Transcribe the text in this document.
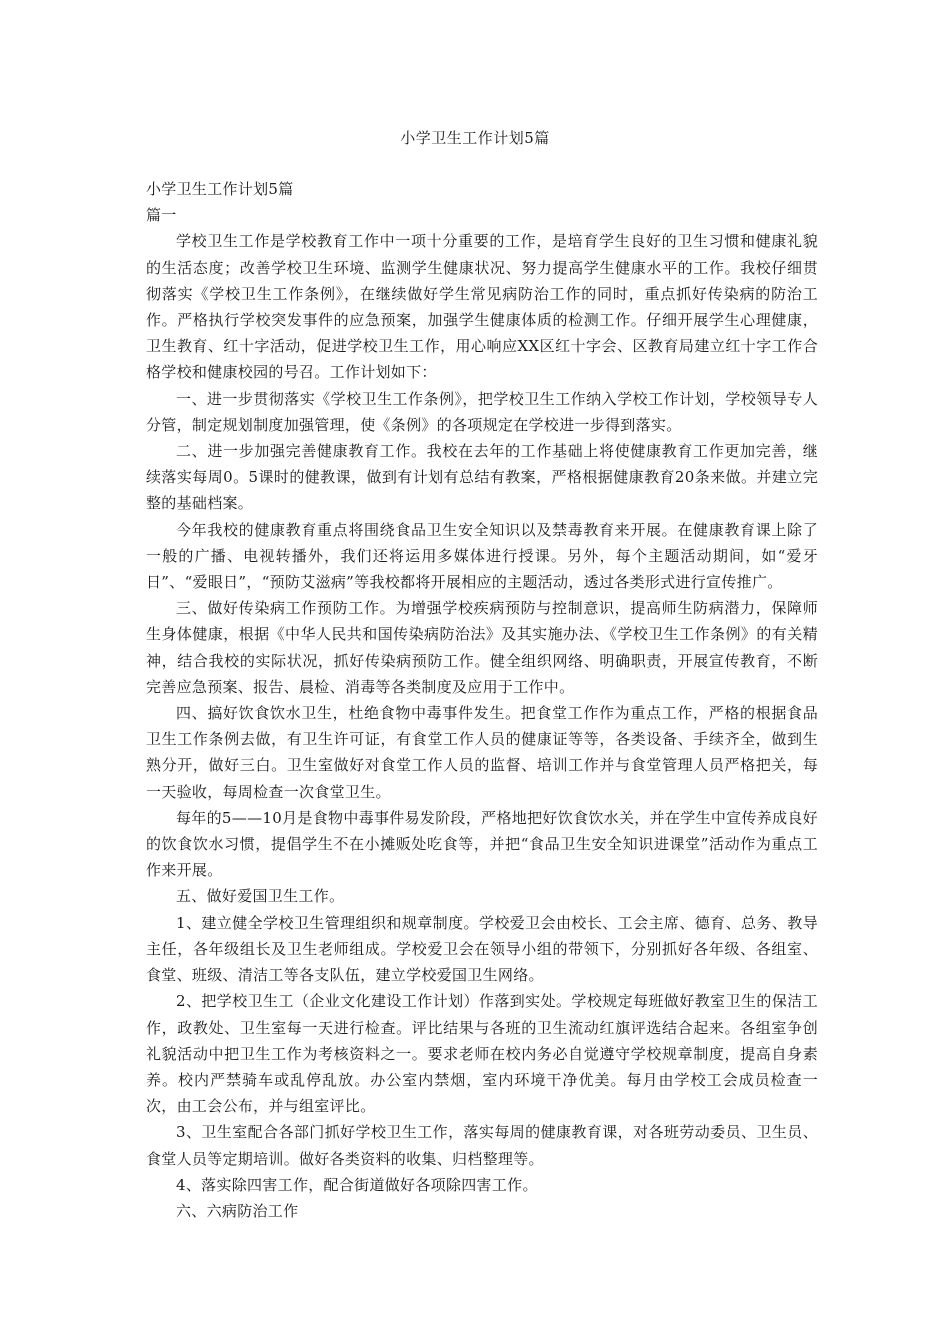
小学卫生工作计划5篇
小学卫生工作计划5篇
篇一

学校卫生工作是学校教育工作中一项十分重要的工作，是培育学生良好的卫生习惯和健康礼貌的生活态度；改善学校卫生环境、监测学生健康状况、努力提高学生健康水平的工作。我校仔细贯彻落实《学校卫生工作条例》，在继续做好学生常见病防治工作的同时，重点抓好传染病的防治工作。严格执行学校突发事件的应急预案，加强学生健康体质的检测工作。仔细开展学生心理健康，卫生教育、红十字活动，促进学校卫生工作，用心响应XX区红十字会、区教育局建立红十字工作合格学校和健康校园的号召。工作计划如下：

一、进一步贯彻落实《学校卫生工作条例》，把学校卫生工作纳入学校工作计划，学校领导专人分管，制定规划制度加强管理，使《条例》的各项规定在学校进一步得到落实。

二、进一步加强完善健康教育工作。我校在去年的工作基础上将使健康教育工作更加完善，继续落实每周0。5课时的健教课，做到有计划有总结有教案，严格根据健康教育20条来做。并建立完整的基础档案。

今年我校的健康教育重点将围绕食品卫生安全知识以及禁毒教育来开展。在健康教育课上除了一般的广播、电视转播外，我们还将运用多媒体进行授课。另外，每个主题活动期间，如“爱牙日”、“爱眼日”，“预防艾滋病”等我校都将开展相应的主题活动，透过各类形式进行宣传推广。

三、做好传染病工作预防工作。为增强学校疾病预防与控制意识，提高师生防病潜力，保障师生身体健康，根据《中华人民共和国传染病防治法》及其实施办法、《学校卫生工作条例》的有关精神，结合我校的实际状况，抓好传染病预防工作。健全组织网络、明确职责，开展宣传教育，不断完善应急预案、报告、晨检、消毒等各类制度及应用于工作中。

四、搞好饮食饮水卫生，杜绝食物中毒事件发生。把食堂工作作为重点工作，严格的根据食品卫生工作条例去做，有卫生许可证，有食堂工作人员的健康证等等，各类设备、手续齐全，做到生熟分开，做好三白。卫生室做好对食堂工作人员的监督、培训工作并与食堂管理人员严格把关，每一天验收，每周检查一次食堂卫生。

每年的5——10月是食物中毒事件易发阶段，严格地把好饮食饮水关，并在学生中宣传养成良好的饮食饮水习惯，提倡学生不在小摊贩处吃食等，并把“食品卫生安全知识进课堂”活动作为重点工作来开展。

五、做好爱国卫生工作。

1、建立健全学校卫生管理组织和规章制度。学校爱卫会由校长、工会主席、德育、总务、教导主任，各年级组长及卫生老师组成。学校爱卫会在领导小组的带领下，分别抓好各年级、各组室、食堂、班级、清洁工等各支队伍，建立学校爱国卫生网络。

2、把学校卫生工（企业文化建设工作计划）作落到实处。学校规定每班做好教室卫生的保洁工作，政教处、卫生室每一天进行检查。评比结果与各班的卫生流动红旗评选结合起来。各组室争创礼貌活动中把卫生工作为考核资料之一。要求老师在校内务必自觉遵守学校规章制度，提高自身素养。校内严禁骑车或乱停乱放。办公室内禁烟，室内环境干净优美。每月由学校工会成员检查一次，由工会公布，并与组室评比。

3、卫生室配合各部门抓好学校卫生工作，落实每周的健康教育课，对各班劳动委员、卫生员、食堂人员等定期培训。做好各类资料的收集、归档整理等。

4、落实除四害工作，配合街道做好各项除四害工作。

六、六病防治工作
